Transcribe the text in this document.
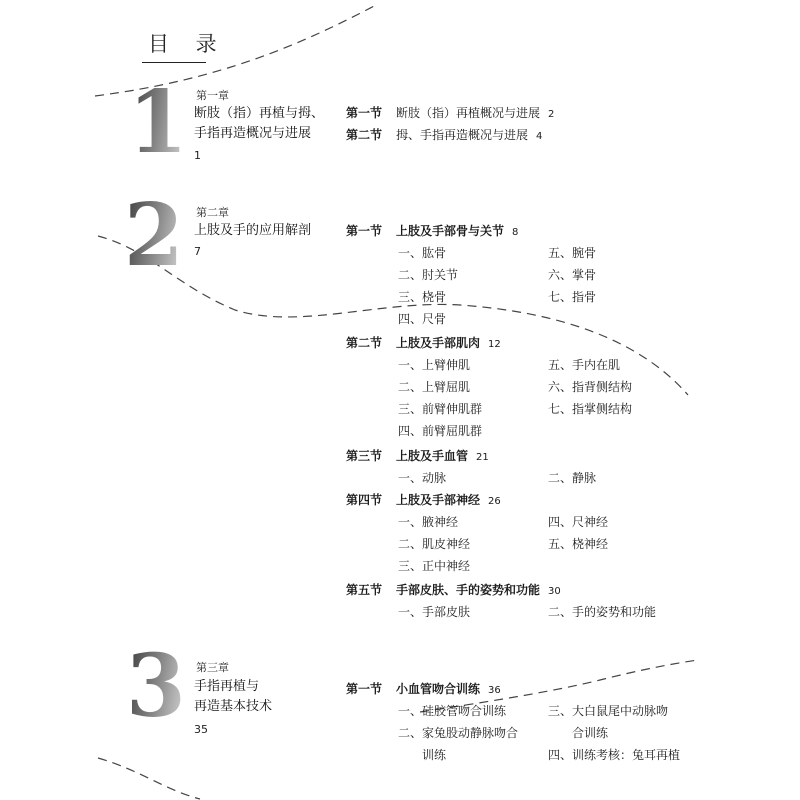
目 录
1 第一章
断肢（指）再植与拇、
手指再造概况与进展
1
第一节 断肢（指）再植概况与进展 2
第二节 拇、手指再造概况与进展 4
2 第二章
上肢及手的应用解剖
7
第一节 上肢及手部骨与关节 8
一、肱骨
二、肘关节
三、桡骨
四、尺骨
五、腕骨
六、掌骨
七、指骨
第二节 上肢及手部肌肉 12
一、上臂伸肌
二、上臂屈肌
三、前臂伸肌群
四、前臂屈肌群
五、手内在肌
六、指背侧结构
七、指掌侧结构
第三节 上肢及手血管 21
一、动脉	二、静脉
第四节 上肢及手部神经 26
一、腋神经
二、肌皮神经
三、正中神经
四、尺神经
五、桡神经
第五节 手部皮肤、手的姿势和功能 30
一、手部皮肤	二、手的姿势和功能
3 第三章
手指再植与
再造基本技术
35
第一节 小血管吻合训练 36
一、硅胶管吻合训练
二、家兔股动静脉吻合
训练
三、大白鼠尾中动脉吻
合训练
四、训练考核：兔耳再植
